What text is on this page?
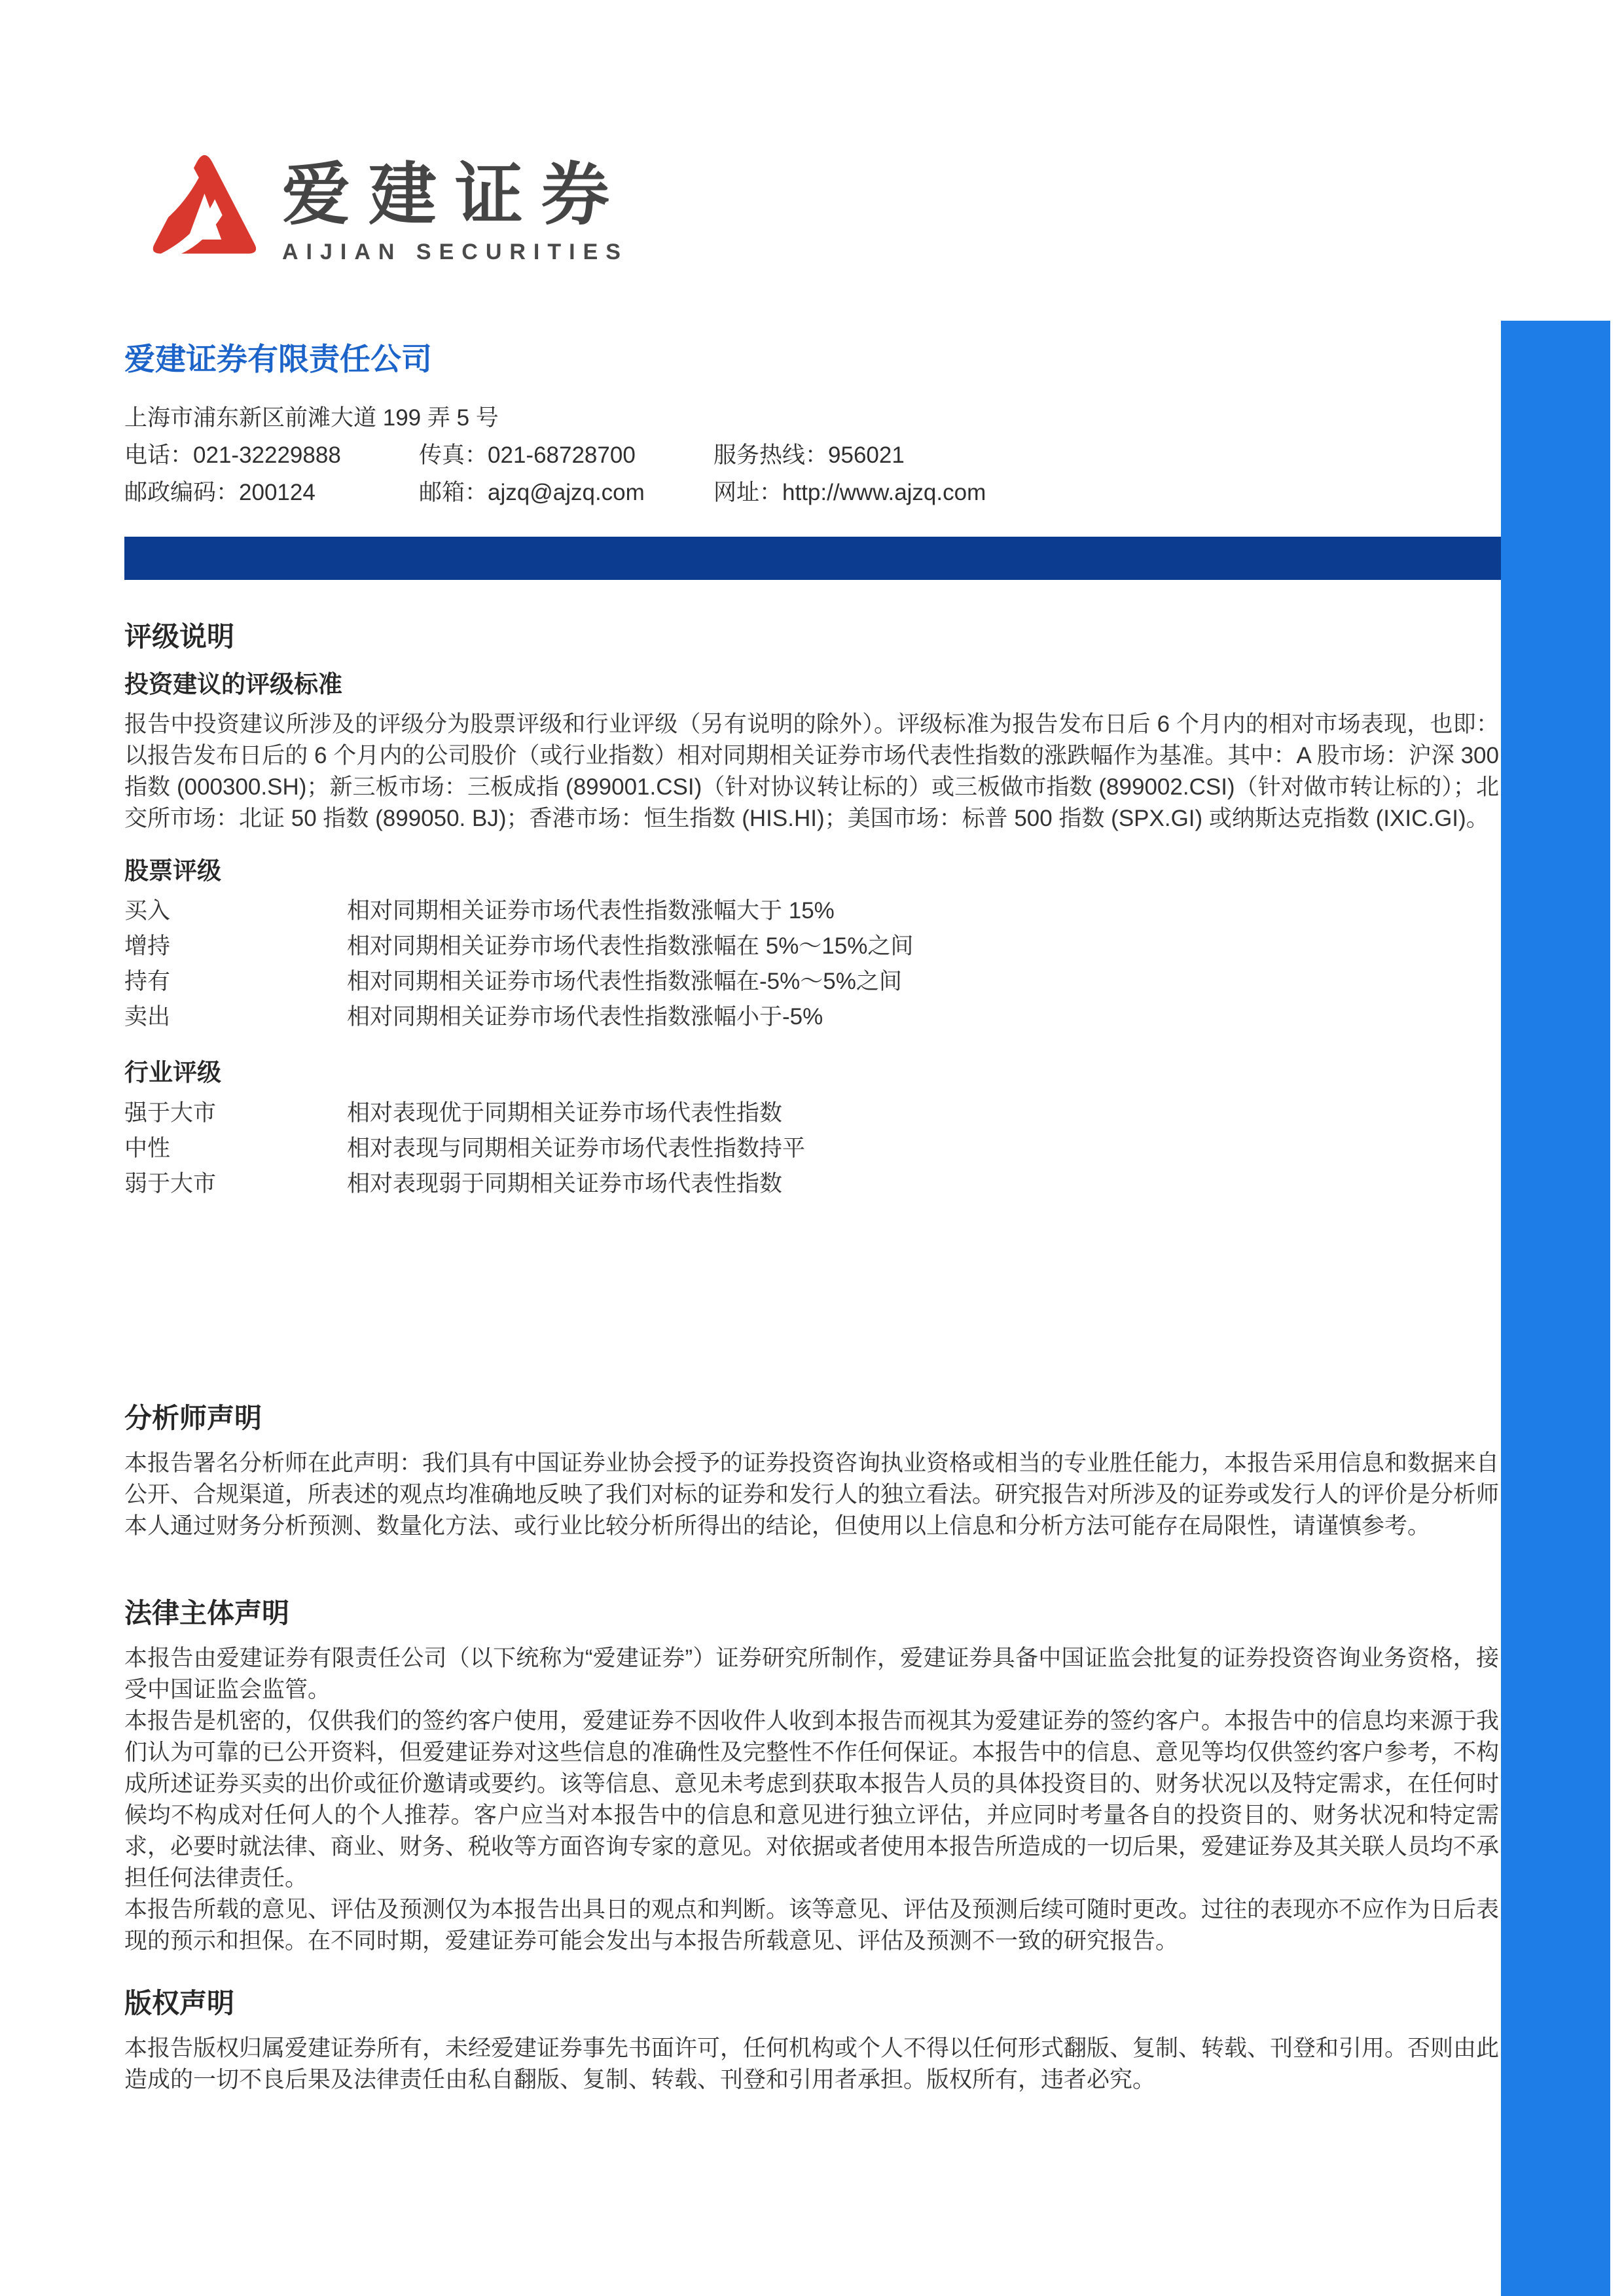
爱建证券
AIJIAN SECURITIES
爱建证券有限责任公司
上海市浦东新区前滩大道 199 弄 5 号
电话：021-32229888	传真：021-68728700	服务热线：956021
邮政编码：200124	邮箱：ajzq@ajzq.com	网址：http://www.ajzq.com
评级说明
投资建议的评级标准

报告中投资建议所涉及的评级分为股票评级和行业评级（另有说明的除外）。评级标准为报告发布日后 6 个月内的相对市场表现，也即：以报告发布日后的 6 个月内的公司股价（或行业指数）相对同期相关证券市场代表性指数的涨跌幅作为基准。其中：A 股市场：沪深 300 指数 (000300.SH)；新三板市场：三板成指 (899001.CSI)（针对协议转让标的）或三板做市指数 (899002.CSI)（针对做市转让标的）；北交所市场：北证 50 指数 (899050. BJ)；香港市场：恒生指数 (HIS.HI)；美国市场：标普 500 指数 (SPX.GI) 或纳斯达克指数 (IXIC.GI)。

股票评级
买入	相对同期相关证券市场代表性指数涨幅大于 15%
增持	相对同期相关证券市场代表性指数涨幅在 5%～15%之间
持有	相对同期相关证券市场代表性指数涨幅在-5%～5%之间
卖出	相对同期相关证券市场代表性指数涨幅小于-5%
行业评级
强于大市	相对表现优于同期相关证券市场代表性指数
中性	相对表现与同期相关证券市场代表性指数持平
弱于大市	相对表现弱于同期相关证券市场代表性指数
分析师声明

本报告署名分析师在此声明：我们具有中国证券业协会授予的证券投资咨询执业资格或相当的专业胜任能力，本报告采用信息和数据来自公开、合规渠道，所表述的观点均准确地反映了我们对标的证券和发行人的独立看法。研究报告对所涉及的证券或发行人的评价是分析师本人通过财务分析预测、数量化方法、或行业比较分析所得出的结论，但使用以上信息和分析方法可能存在局限性，请谨慎参考。

法律主体声明

本报告由爱建证券有限责任公司（以下统称为“爱建证券”）证券研究所制作，爱建证券具备中国证监会批复的证券投资咨询业务资格，接受中国证监会监管。

本报告是机密的，仅供我们的签约客户使用，爱建证券不因收件人收到本报告而视其为爱建证券的签约客户。本报告中的信息均来源于我们认为可靠的已公开资料，但爱建证券对这些信息的准确性及完整性不作任何保证。本报告中的信息、意见等均仅供签约客户参考，不构成所述证券买卖的出价或征价邀请或要约。该等信息、意见未考虑到获取本报告人员的具体投资目的、财务状况以及特定需求，在任何时候均不构成对任何人的个人推荐。客户应当对本报告中的信息和意见进行独立评估，并应同时考量各自的投资目的、财务状况和特定需求，必要时就法律、商业、财务、税收等方面咨询专家的意见。对依据或者使用本报告所造成的一切后果，爱建证券及其关联人员均不承担任何法律责任。

本报告所载的意见、评估及预测仅为本报告出具日的观点和判断。该等意见、评估及预测后续可随时更改。过往的表现亦不应作为日后表现的预示和担保。在不同时期，爱建证券可能会发出与本报告所载意见、评估及预测不一致的研究报告。

版权声明

本报告版权归属爱建证券所有，未经爱建证券事先书面许可，任何机构或个人不得以任何形式翻版、复制、转载、刊登和引用。否则由此造成的一切不良后果及法律责任由私自翻版、复制、转载、刊登和引用者承担。版权所有，违者必究。
